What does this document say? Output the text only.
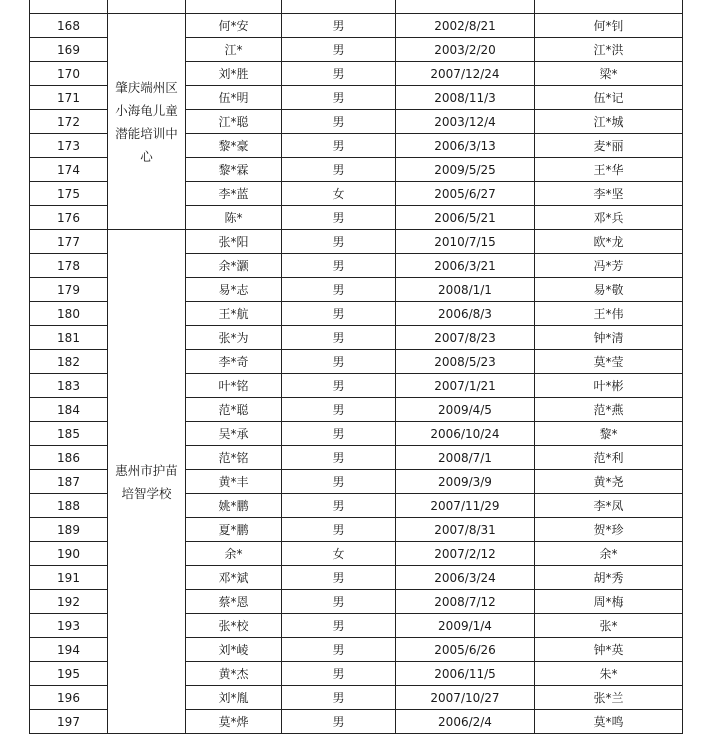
168	肇庆端州区小海龟儿童潜能培训中心	何*安	男	2002/8/21	何*钊
169		江*	男	2003/2/20	江*洪
170		刘*胜	男	2007/12/24	梁*
171		伍*明	男	2008/11/3	伍*记
172		江*聪	男	2003/12/4	江*城
173		黎*豪	男	2006/3/13	麦*丽
174		黎*霖	男	2009/5/25	王*华
175		李*蓝	女	2005/6/27	李*坚
176		陈*	男	2006/5/21	邓*兵
177	惠州市护苗培智学校	张*阳	男	2010/7/15	欧*龙
178		余*灏	男	2006/3/21	冯*芳
179		易*志	男	2008/1/1	易*敬
180		王*航	男	2006/8/3	王*伟
181		张*为	男	2007/8/23	钟*清
182		李*奇	男	2008/5/23	莫*莹
183		叶*铭	男	2007/1/21	叶*彬
184		范*聪	男	2009/4/5	范*燕
185		吴*承	男	2006/10/24	黎*
186		范*铭	男	2008/7/1	范*利
187		黄*丰	男	2009/3/9	黄*尧
188		姚*鹏	男	2007/11/29	李*凤
189		夏*鹏	男	2007/8/31	贺*珍
190		余*	女	2007/2/12	余*
191		邓*斌	男	2006/3/24	胡*秀
192		蔡*恩	男	2008/7/12	周*梅
193		张*校	男	2009/1/4	张*
194		刘*崚	男	2005/6/26	钟*英
195		黄*杰	男	2006/11/5	朱*
196		刘*胤	男	2007/10/27	张*兰
197		莫*烨	男	2006/2/4	莫*鸣
